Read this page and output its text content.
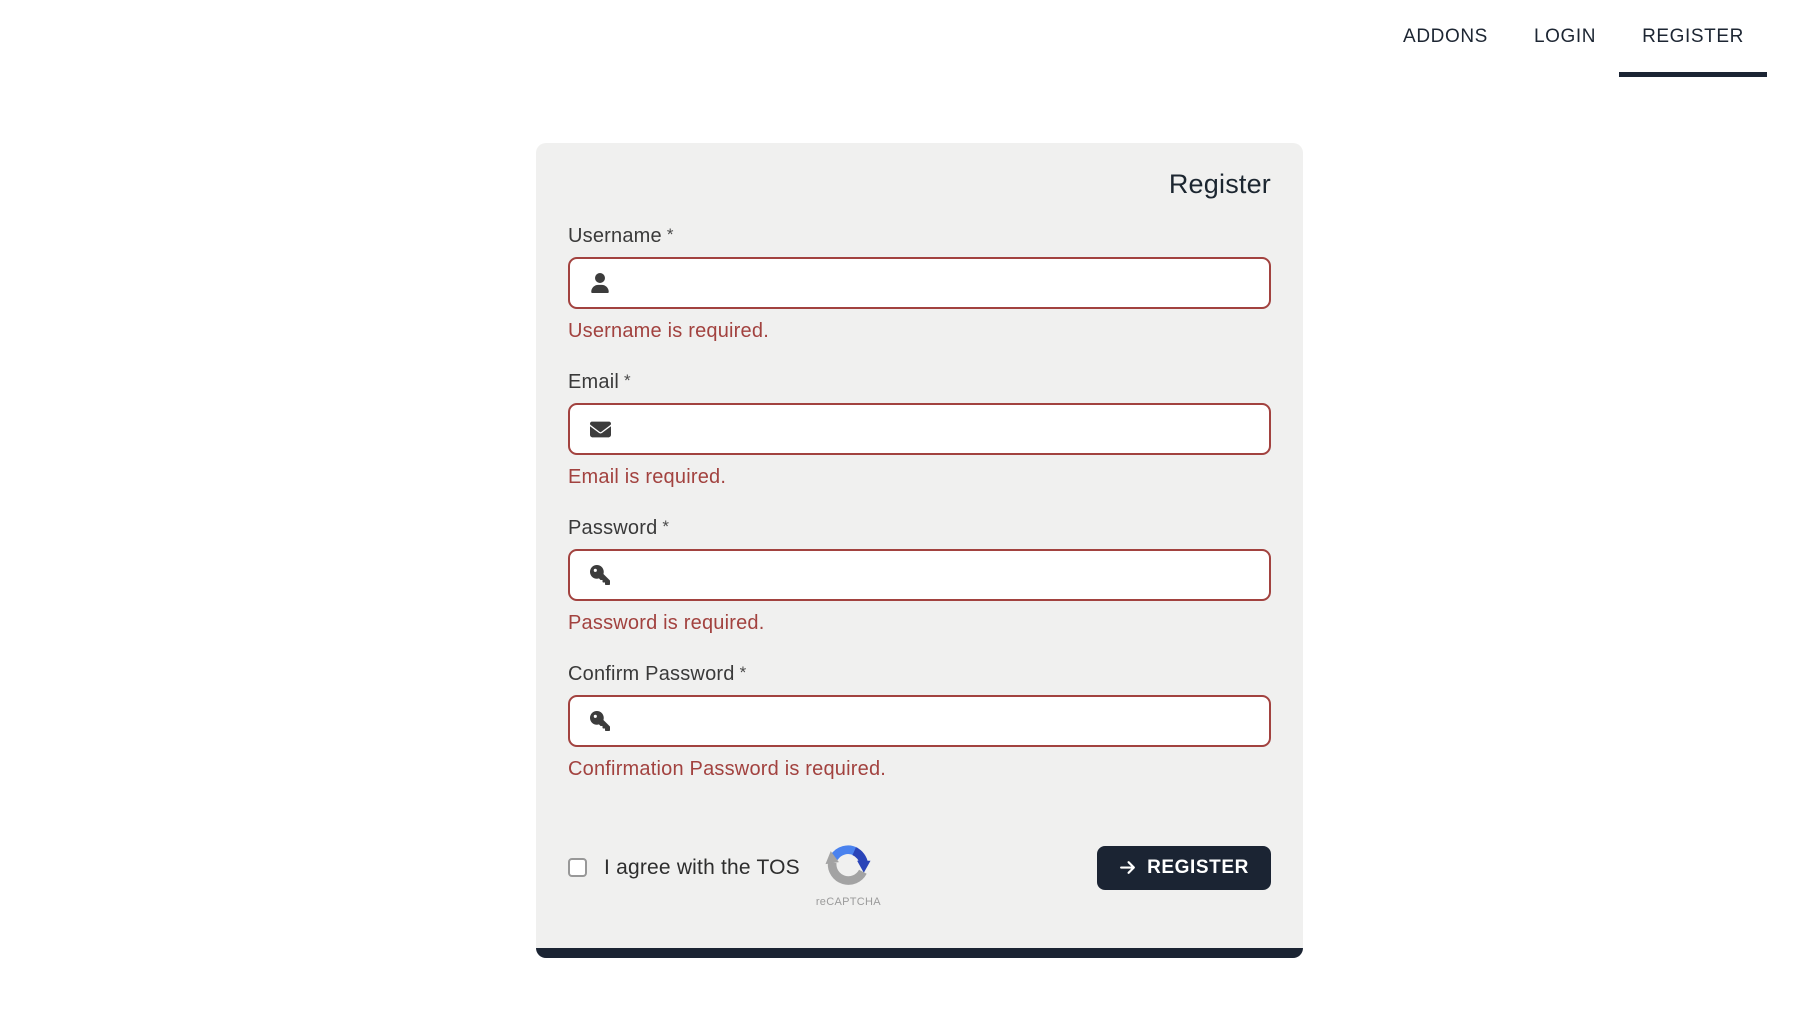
ADDONS	LOGIN	REGISTER
Register
Username *
Username is required.
Email *
Email is required.
Password *
Password is required.
Confirm Password *
Confirmation Password is required.
I agree with the TOS
reCAPTCHA
REGISTER
